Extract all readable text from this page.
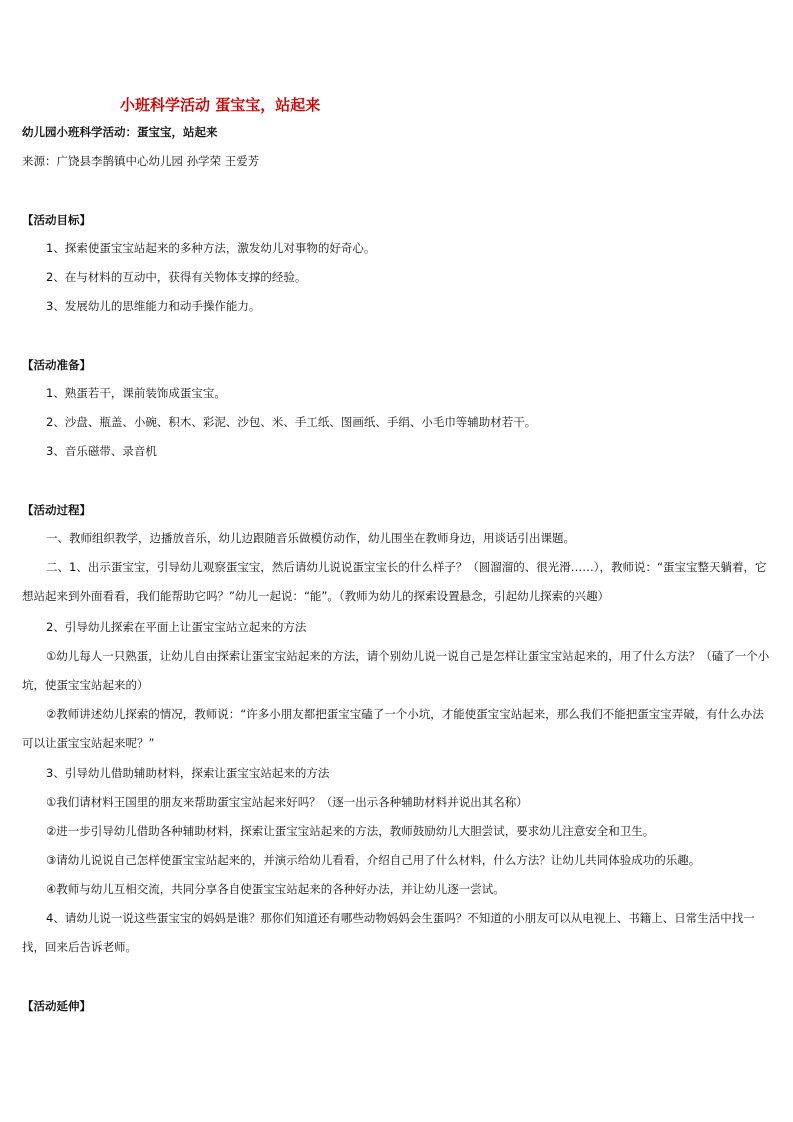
小班科学活动 蛋宝宝，站起来
幼儿园小班科学活动：蛋宝宝，站起来
来源：广饶县李鹊镇中心幼儿园 孙学荣 王爱芳
【活动目标】
1、探索使蛋宝宝站起来的多种方法，激发幼儿对事物的好奇心。
2、在与材料的互动中，获得有关物体支撑的经验。
3、发展幼儿的思维能力和动手操作能力。
【活动准备】
1、熟蛋若干，课前装饰成蛋宝宝。
2、沙盘、瓶盖、小碗、积木、彩泥、沙包、米、手工纸、图画纸、手绢、小毛巾等辅助材若干。
3、音乐磁带、录音机
【活动过程】
一、教师组织教学，边播放音乐，幼儿边跟随音乐做模仿动作，幼儿围坐在教师身边，用谈话引出课题。
二、1、出示蛋宝宝，引导幼儿观察蛋宝宝，然后请幼儿说说蛋宝宝长的什么样子？（圆溜溜的、很光滑……），教师说：“蛋宝宝整天躺着，它想站起来到外面看看，我们能帮助它吗？”幼儿一起说：“能”。（教师为幼儿的探索设置悬念，引起幼儿探索的兴趣）
2、引导幼儿探索在平面上让蛋宝宝站立起来的方法
①幼儿每人一只熟蛋，让幼儿自由探索让蛋宝宝站起来的方法，请个别幼儿说一说自己是怎样让蛋宝宝站起来的，用了什么方法？（磕了一个小坑，使蛋宝宝站起来的）
②教师讲述幼儿探索的情况，教师说：“许多小朋友都把蛋宝宝磕了一个小坑，才能使蛋宝宝站起来，那么我们不能把蛋宝宝弄破，有什么办法可以让蛋宝宝站起来呢？”
3、引导幼儿借助辅助材料，探索让蛋宝宝站起来的方法
①我们请材料王国里的朋友来帮助蛋宝宝站起来好吗？（逐一出示各种辅助材料并说出其名称）
②进一步引导幼儿借助各种辅助材料，探索让蛋宝宝站起来的方法，教师鼓励幼儿大胆尝试，要求幼儿注意安全和卫生。
③请幼儿说说自己怎样使蛋宝宝站起来的，并演示给幼儿看看，介绍自己用了什么材料，什么方法？让幼儿共同体验成功的乐趣。
④教师与幼儿互相交流，共同分享各自使蛋宝宝站起来的各种好办法，并让幼儿逐一尝试。
4、请幼儿说一说这些蛋宝宝的妈妈是谁？那你们知道还有哪些动物妈妈会生蛋吗？不知道的小朋友可以从电视上、书籍上、日常生活中找一找，回来后告诉老师。
【活动延伸】
